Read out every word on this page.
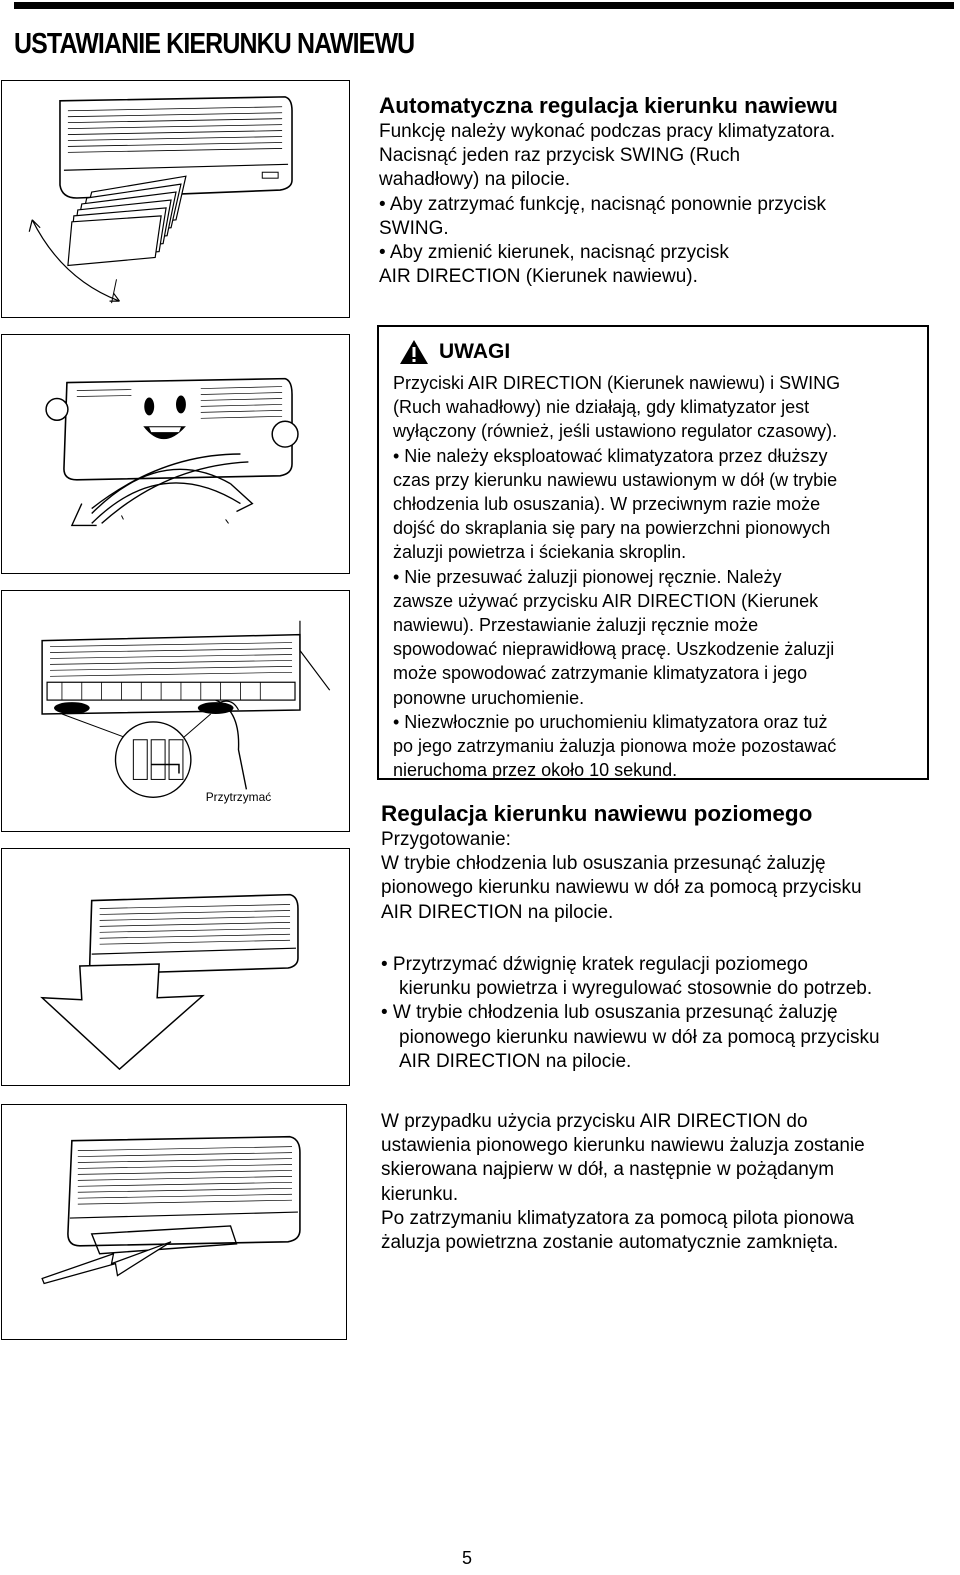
USTAWIANIE KIERUNKU NAWIEWU
Przytrzymać

Automatyczna regulacja kierunku nawiewu

Funkcję należy wykonać podczas pracy klimatyzatora.

Nacisnąć jeden raz przycisk SWING (Ruch

wahadłowy) na pilocie.

• Aby zatrzymać funkcję, nacisnąć ponownie przycisk

SWING.

• Aby zmienić kierunek, nacisnąć przycisk

AIR DIRECTION (Kierunek nawiewu).

UWAGI

Przyciski AIR DIRECTION (Kierunek nawiewu) i SWING

(Ruch wahadłowy) nie działają, gdy klimatyzator jest

wyłączony (również, jeśli ustawiono regulator czasowy).

• Nie należy eksploatować klimatyzatora przez dłuższy

czas przy kierunku nawiewu ustawionym w dół (w trybie

chłodzenia lub osuszania). W przeciwnym razie może

dojść do skraplania się pary na powierzchni pionowych

żaluzji powietrza i ściekania skroplin.

• Nie przesuwać żaluzji pionowej ręcznie. Należy

zawsze używać przycisku AIR DIRECTION (Kierunek

nawiewu). Przestawianie żaluzji ręcznie może

spowodować nieprawidłową pracę. Uszkodzenie żaluzji

może spowodować zatrzymanie klimatyzatora i jego

ponowne uruchomienie.

• Niezwłocznie po uruchomieniu klimatyzatora oraz tuż

po jego zatrzymaniu żaluzja pionowa może pozostawać

nieruchoma przez około 10 sekund.

Regulacja kierunku nawiewu poziomego

Przygotowanie:

W trybie chłodzenia lub osuszania przesunąć żaluzję

pionowego kierunku nawiewu w dół za pomocą przycisku

AIR DIRECTION na pilocie.

• Przytrzymać dźwignię kratek regulacji poziomego

kierunku powietrza i wyregulować stosownie do potrzeb.

• W trybie chłodzenia lub osuszania przesunąć żaluzję

pionowego kierunku nawiewu w dół za pomocą przycisku

AIR DIRECTION na pilocie.

W przypadku użycia przycisku AIR DIRECTION do

ustawienia pionowego kierunku nawiewu żaluzja zostanie

skierowana najpierw w dół, a następnie w pożądanym

kierunku.

Po zatrzymaniu klimatyzatora za pomocą pilota pionowa

żaluzja powietrzna zostanie automatycznie zamknięta.

5
